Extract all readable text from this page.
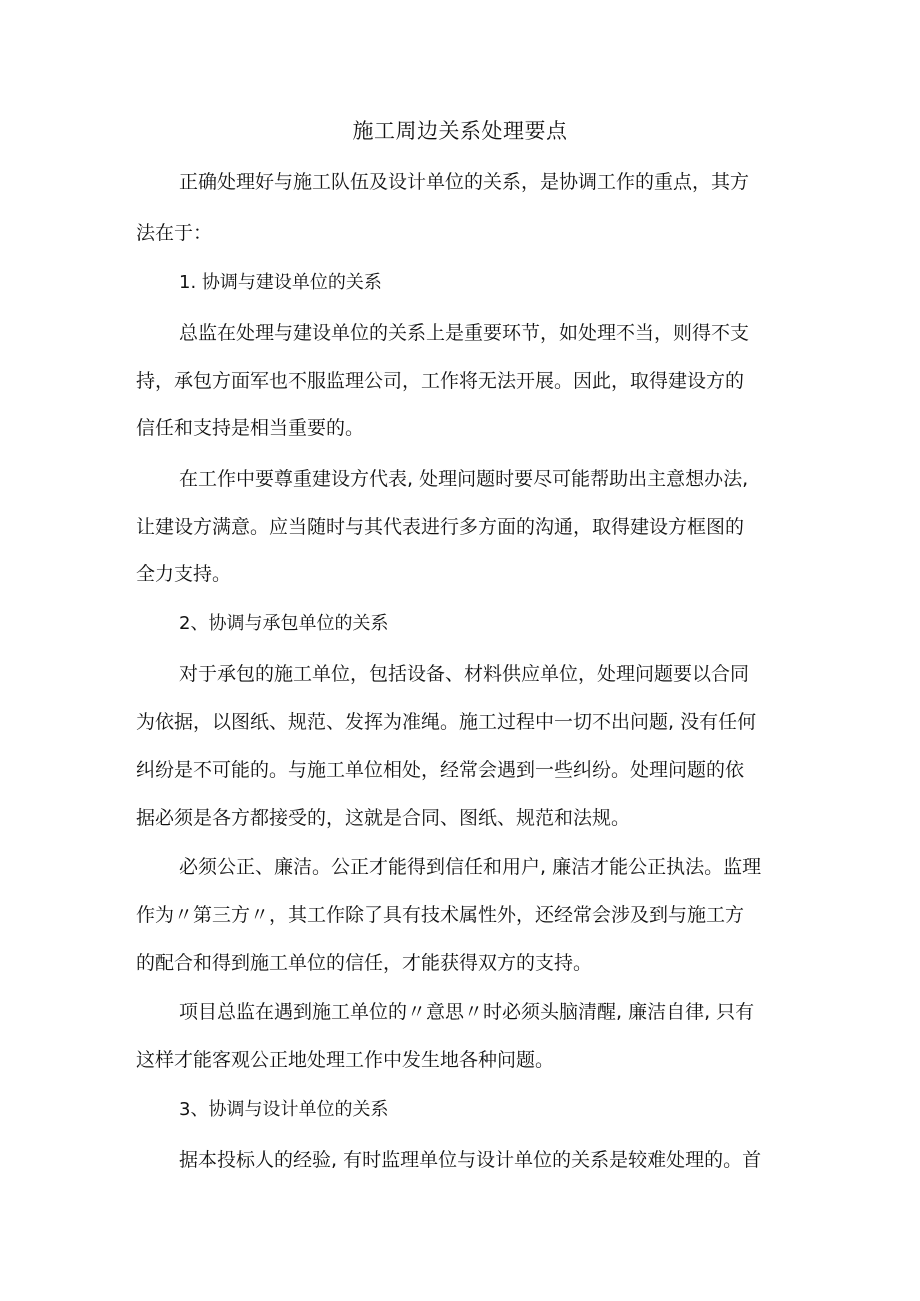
施工周边关系处理要点
正确处理好与施工队伍及设计单位的关系，是协调工作的重点，其方
法在于：
1. 协调与建设单位的关系
总监在处理与建设单位的关系上是重要环节，如处理不当，则得不支
持，承包方面军也不服监理公司，工作将无法开展。因此，取得建设方的
信任和支持是相当重要的。
在工作中要尊重建设方代表, 处理问题时要尽可能帮助出主意想办法,
让建设方满意。应当随时与其代表进行多方面的沟通，取得建设方框图的
全力支持。
2、协调与承包单位的关系
对于承包的施工单位，包括设备、材料供应单位，处理问题要以合同
为依据，以图纸、规范、发挥为准绳。施工过程中一切不出问题, 没有任何
纠纷是不可能的。与施工单位相处，经常会遇到一些纠纷。处理问题的依
据必须是各方都接受的，这就是合同、图纸、规范和法规。
必须公正、廉洁。公正才能得到信任和用户, 廉洁才能公正执法。监理
作为〃第三方〃，其工作除了具有技术属性外，还经常会涉及到与施工方
的配合和得到施工单位的信任，才能获得双方的支持。
项目总监在遇到施工单位的〃意思〃时必须头脑清醒, 廉洁自律, 只有
这样才能客观公正地处理工作中发生地各种问题。
3、协调与设计单位的关系
据本投标人的经验, 有时监理单位与设计单位的关系是较难处理的。首
